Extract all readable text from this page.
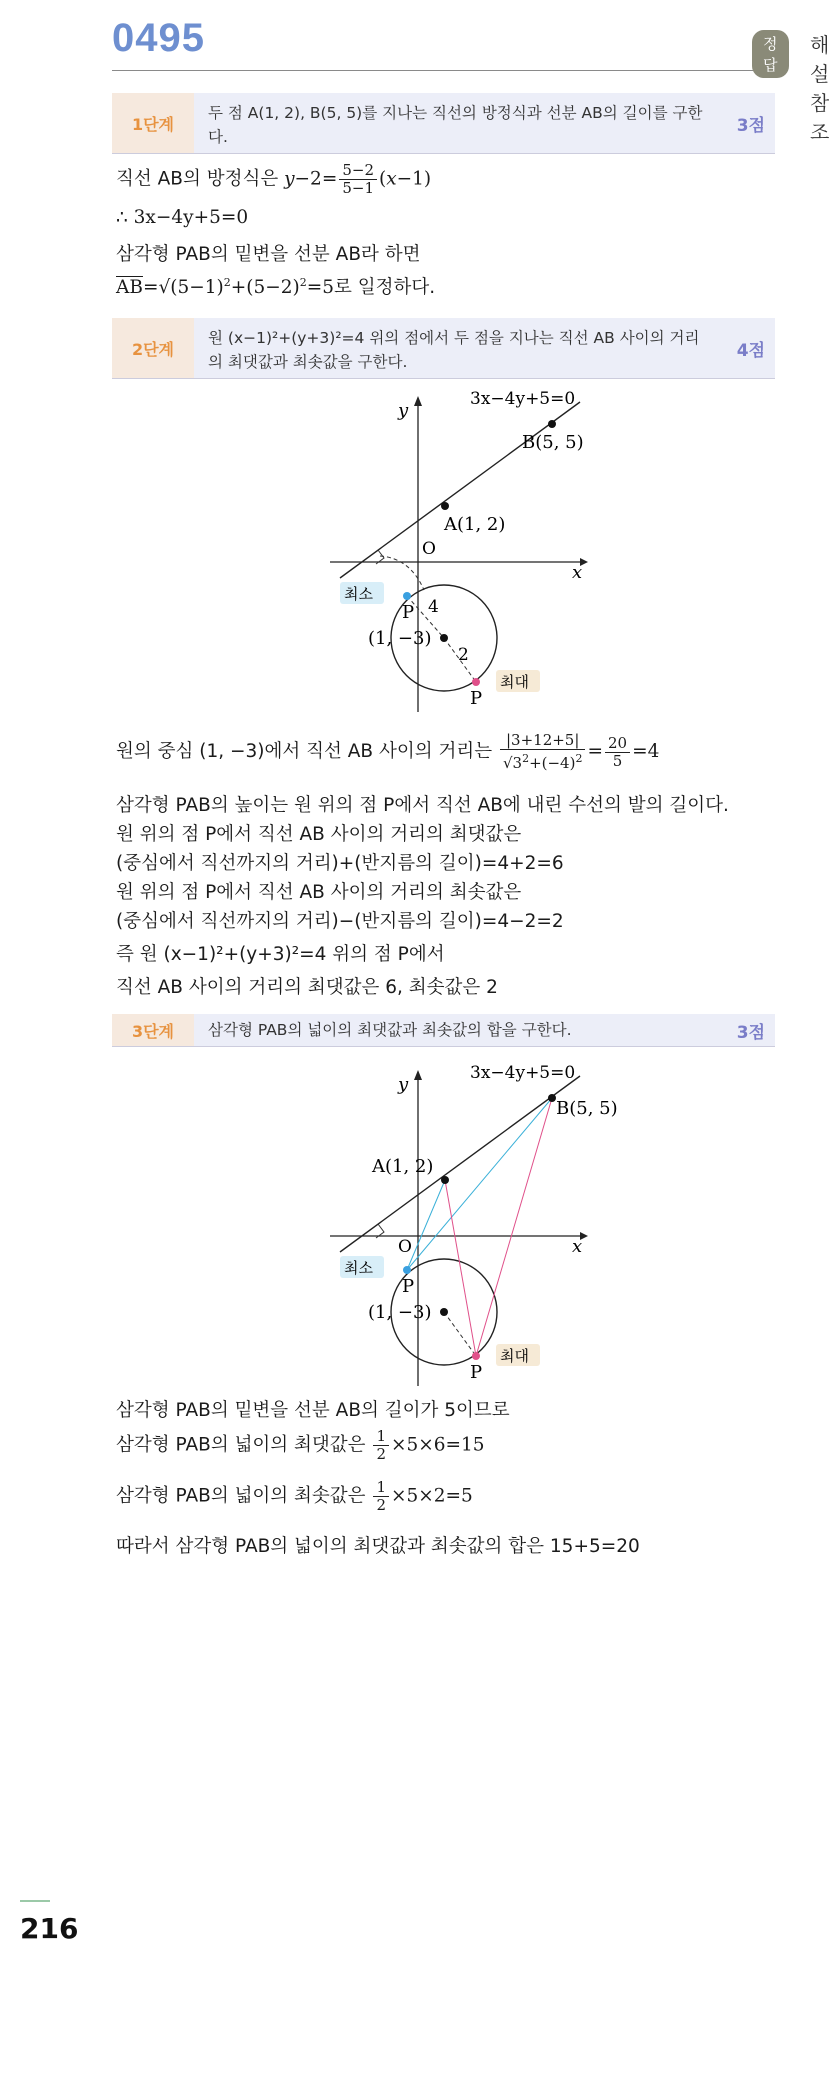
0495	정답
해설참조
1단계
두 점 A(1, 2), B(5, 5)를 지나는 직선의 방정식과 선분 AB의 길이를 구한다.
3점
직선 AB의 방정식은 $y-2= \frac{5-2}{5-1} (x-1)$
∴ 3x−4y+5=0
삼각형 PAB의 밑변을 선분 AB라 하면
$\overline{AB}=√(5-1)^2+(5-2)^2=5$로 일정하다.
2단계
원 (x−1)²+(y+3)²=4 위의 점에서 두 점을 지나는 직선 AB 사이의 거리의 최댓값과 최솟값을 구한다.
4점
x
y
O
3x−4y+5=0
B(5, 5)
A(1, 2)
최소
최대
P
P
(1, −3)
4
2
원의 중심 (1, −3)에서 직선 AB 사이의 거리는 $\frac{|3+12+5|}{√3^2+(-4)^2} = \frac{20}{5} =4$
삼각형 PAB의 높이는 원 위의 점 P에서 직선 AB에 내린 수선의 발의 길이다.
원 위의 점 P에서 직선 AB 사이의 거리의 최댓값은
(중심에서 직선까지의 거리)+(반지름의 길이)=4+2=6
원 위의 점 P에서 직선 AB 사이의 거리의 최솟값은
(중심에서 직선까지의 거리)−(반지름의 길이)=4−2=2
즉 원 (x−1)²+(y+3)²=4 위의 점 P에서
직선 AB 사이의 거리의 최댓값은 6, 최솟값은 2
3단계	삼각형 PAB의 넓이의 최댓값과 최솟값의 합을 구한다.	3점
x
y
O
3x−4y+5=0
B(5, 5)
A(1, 2)
최소
최대
P
P
(1, −3)
삼각형 PAB의 밑변을 선분 AB의 길이가 5이므로
삼각형 PAB의 넓이의 최댓값은 $\frac{1}{2} \times 5\times 6=15$
삼각형 PAB의 넓이의 최솟값은 $\frac{1}{2} \times 5\times 2=5$
따라서 삼각형 PAB의 넓이의 최댓값과 최솟값의 합은 15+5=20
216
